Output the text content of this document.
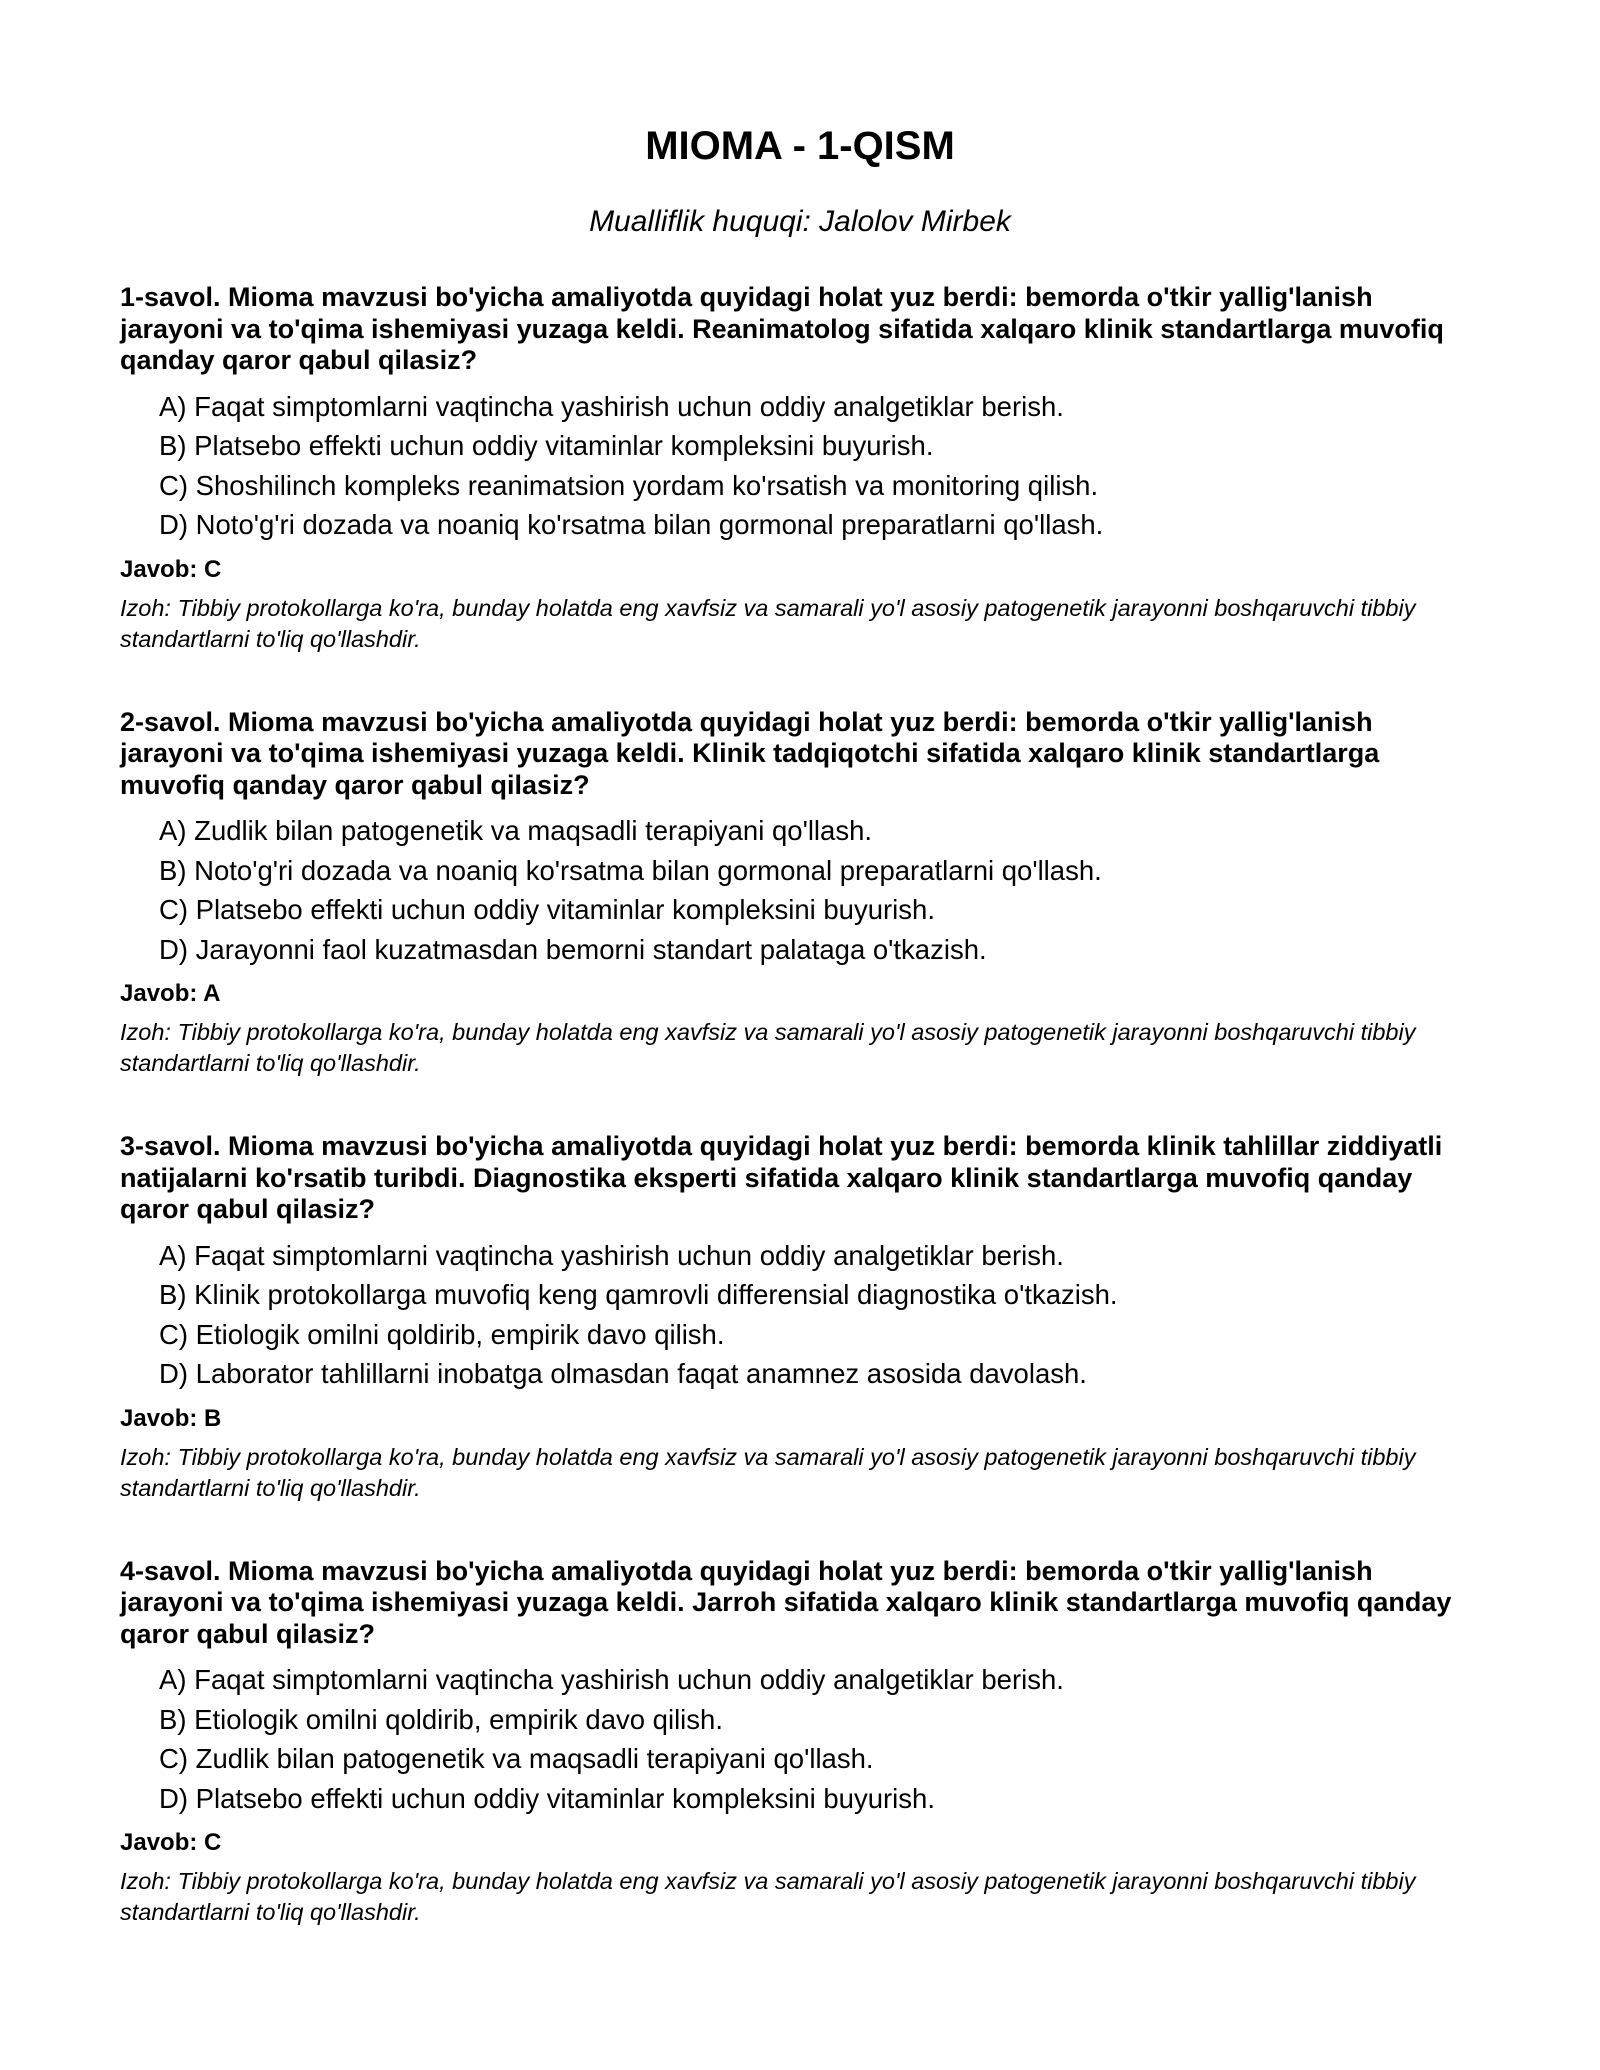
MIOMA - 1-QISM

Mualliflik huquqi: Jalolov Mirbek

1-savol. Mioma mavzusi bo'yicha amaliyotda quyidagi holat yuz berdi: bemorda o'tkir yallig'lanish jarayoni va to'qima ishemiyasi yuzaga keldi. Reanimatolog sifatida xalqaro klinik standartlarga muvofiq qanday qaror qabul qilasiz?

A) Faqat simptomlarni vaqtincha yashirish uchun oddiy analgetiklar berish.
B) Platsebo effekti uchun oddiy vitaminlar kompleksini buyurish.
C) Shoshilinch kompleks reanimatsion yordam ko'rsatish va monitoring qilish.
D) Noto'g'ri dozada va noaniq ko'rsatma bilan gormonal preparatlarni qo'llash.

Javob: C

Izoh: Tibbiy protokollarga ko'ra, bunday holatda eng xavfsiz va samarali yo'l asosiy patogenetik jarayonni boshqaruvchi tibbiy standartlarni to'liq qo'llashdir.

2-savol. Mioma mavzusi bo'yicha amaliyotda quyidagi holat yuz berdi: bemorda o'tkir yallig'lanish jarayoni va to'qima ishemiyasi yuzaga keldi. Klinik tadqiqotchi sifatida xalqaro klinik standartlarga muvofiq qanday qaror qabul qilasiz?

A) Zudlik bilan patogenetik va maqsadli terapiyani qo'llash.
B) Noto'g'ri dozada va noaniq ko'rsatma bilan gormonal preparatlarni qo'llash.
C) Platsebo effekti uchun oddiy vitaminlar kompleksini buyurish.
D) Jarayonni faol kuzatmasdan bemorni standart palataga o'tkazish.

Javob: A

Izoh: Tibbiy protokollarga ko'ra, bunday holatda eng xavfsiz va samarali yo'l asosiy patogenetik jarayonni boshqaruvchi tibbiy standartlarni to'liq qo'llashdir.

3-savol. Mioma mavzusi bo'yicha amaliyotda quyidagi holat yuz berdi: bemorda klinik tahlillar ziddiyatli natijalarni ko'rsatib turibdi. Diagnostika eksperti sifatida xalqaro klinik standartlarga muvofiq qanday qaror qabul qilasiz?

A) Faqat simptomlarni vaqtincha yashirish uchun oddiy analgetiklar berish.
B) Klinik protokollarga muvofiq keng qamrovli differensial diagnostika o'tkazish.
C) Etiologik omilni qoldirib, empirik davo qilish.
D) Laborator tahlillarni inobatga olmasdan faqat anamnez asosida davolash.

Javob: B

Izoh: Tibbiy protokollarga ko'ra, bunday holatda eng xavfsiz va samarali yo'l asosiy patogenetik jarayonni boshqaruvchi tibbiy standartlarni to'liq qo'llashdir.

4-savol. Mioma mavzusi bo'yicha amaliyotda quyidagi holat yuz berdi: bemorda o'tkir yallig'lanish jarayoni va to'qima ishemiyasi yuzaga keldi. Jarroh sifatida xalqaro klinik standartlarga muvofiq qanday qaror qabul qilasiz?

A) Faqat simptomlarni vaqtincha yashirish uchun oddiy analgetiklar berish.
B) Etiologik omilni qoldirib, empirik davo qilish.
C) Zudlik bilan patogenetik va maqsadli terapiyani qo'llash.
D) Platsebo effekti uchun oddiy vitaminlar kompleksini buyurish.

Javob: C

Izoh: Tibbiy protokollarga ko'ra, bunday holatda eng xavfsiz va samarali yo'l asosiy patogenetik jarayonni boshqaruvchi tibbiy standartlarni to'liq qo'llashdir.
